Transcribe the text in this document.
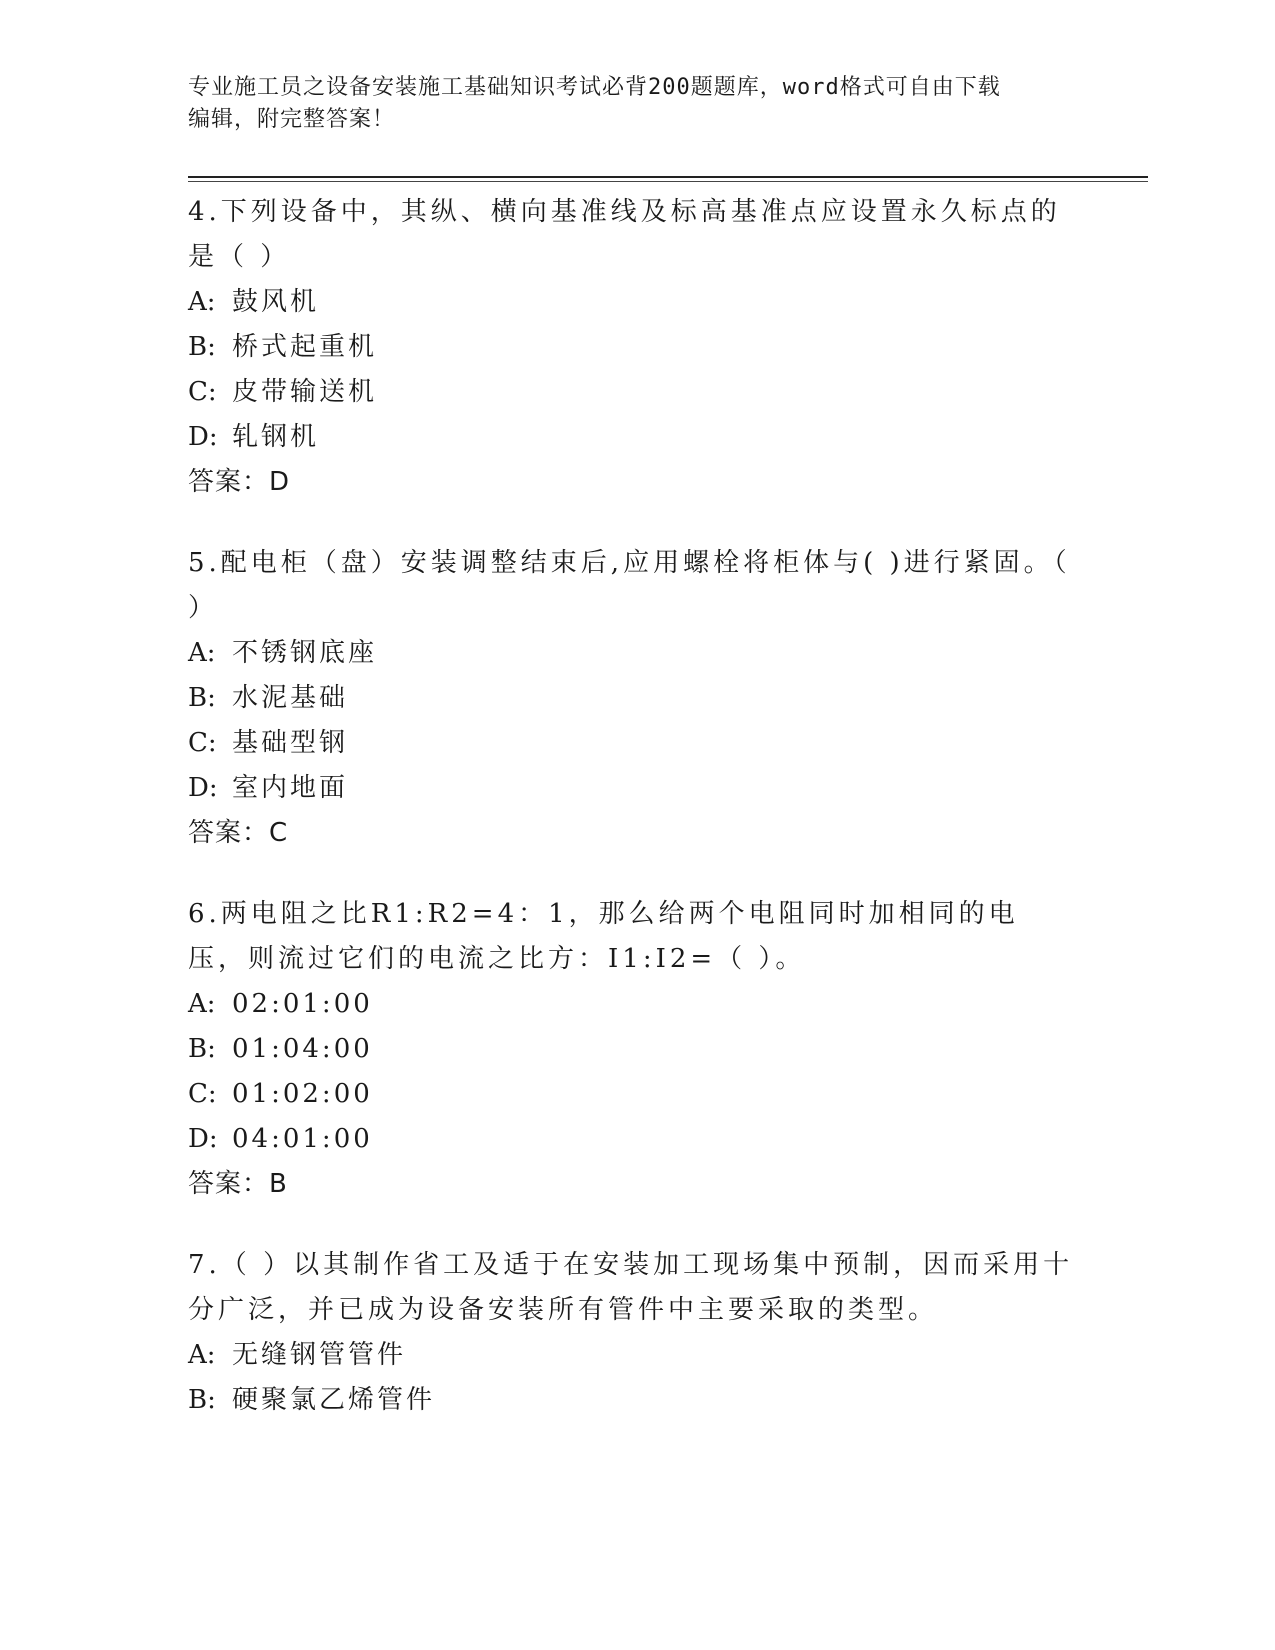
专业施工员之设备安装施工基础知识考试必背200题题库，word格式可自由下载
编辑，附完整答案！

4.下列设备中，其纵、横向基准线及标高基准点应设置永久标点的是（ ）

A: 鼓风机

B: 桥式起重机

C: 皮带输送机

D: 轧钢机

答案：D

5.配电柜（盘）安装调整结束后,应用螺栓将柜体与( )进行紧固。（ ）

A: 不锈钢底座

B: 水泥基础

C: 基础型钢

D: 室内地面

答案：C

6.两电阻之比R1:R2=4：1，那么给两个电阻同时加相同的电压，则流过它们的电流之比方：I1:I2=（ ）。

A: 02:01:00

B: 01:04:00

C: 01:02:00

D: 04:01:00

答案：B

7.（ ）以其制作省工及适于在安装加工现场集中预制，因而采用十分广泛，并已成为设备安装所有管件中主要采取的类型。

A: 无缝钢管管件

B: 硬聚氯乙烯管件
